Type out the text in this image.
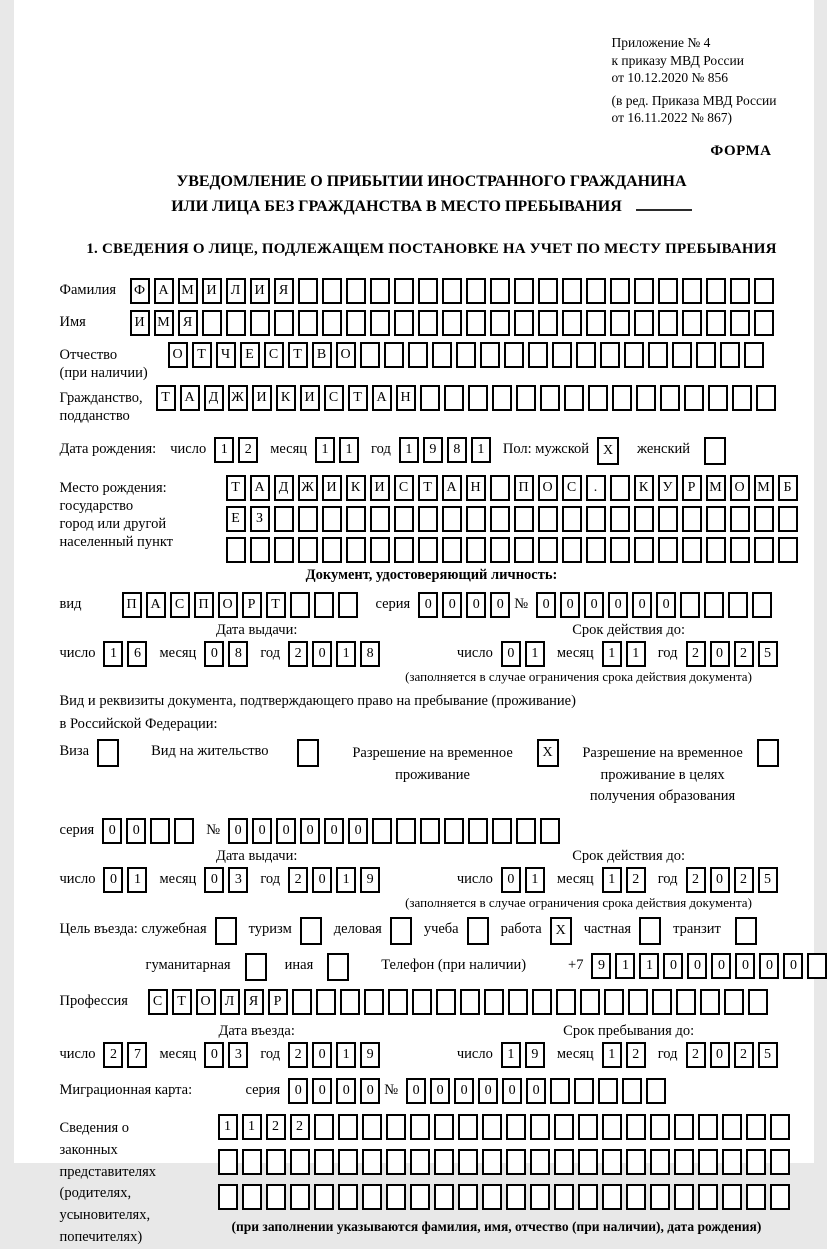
Приложение № 4
к приказу МВД России
от 10.12.2020 № 856
(в ред. Приказа МВД России
от 16.11.2022 № 867)
ФОРМА
УВЕДОМЛЕНИЕ О ПРИБЫТИИ ИНОСТРАННОГО ГРАЖДАНИНА
ИЛИ ЛИЦА БЕЗ ГРАЖДАНСТВА В МЕСТО ПРЕБЫВАНИЯ
1. СВЕДЕНИЯ О ЛИЦЕ, ПОДЛЕЖАЩЕМ ПОСТАНОВКЕ НА УЧЕТ ПО МЕСТУ ПРЕБЫВАНИЯ
Фамилия	Ф А М И	Л	И	Я
Имя	И М Я
Отчество
(при наличии)
О	Т	Ч	Е	С	Т	В	О
Гражданство,
подданство
Т	А	Д Ж И	К	И	С	Т	А Н
Дата рождения: число	1	2	месяц	1	1	год	1	9	8	1	Пол: мужской X	женский
Место рождения:
государство
город или другой
населенный пункт
Т	А	Д Ж И	К	И	С	Т	А Н	П О	С	.	К	У	Р М О М Б
Е	З
Документ, удостоверяющий личность:
вид	П А	С	П О	Р	Т	серия	0	0	0	0 №	0	0	0	0	0	0
Дата выдачи:	Срок действия до:
число	1	6	месяц	0	8	год	2	0	1	8	число	0	1	месяц	1	1	год	2	0	2	5
(заполняется в случае ограничения срока действия документа)
Вид и реквизиты документа, подтверждающего право на пребывание (проживание)
в Российской Федерации:
Виза	Вид на жительство	Разрешение на временное проживание
X	Разрешение на временное проживание в целях получения образования
серия	0	0	№	0	0	0	0	0	0
Дата выдачи:	Срок действия до:
число	0	1	месяц	0	3	год	2	0	1	9	число	0	1	месяц	1	2	год	2	0	2	5
(заполняется в случае ограничения срока действия документа)
Цель въезда: служебная	туризм	деловая	учеба	работа X	частная	транзит
гуманитарная	иная	Телефон (при наличии)	+7	9	1	1	0	0	0	0	0	0
Профессия	С	Т	О	Л	Я	Р
Дата въезда:	Срок пребывания до:
число	2	7	месяц	0	3	год	2	0	1	9	число	1	9	месяц	1	2	год	2	0	2	5
Миграционная карта:	серия	0	0	0	0 №	0	0	0	0	0	0
Сведения о
законных
представителях
(родителях,
усыновителях,
попечителях)
1	1	2	2
(при заполнении указываются фамилия, имя, отчество (при наличии), дата рождения)
